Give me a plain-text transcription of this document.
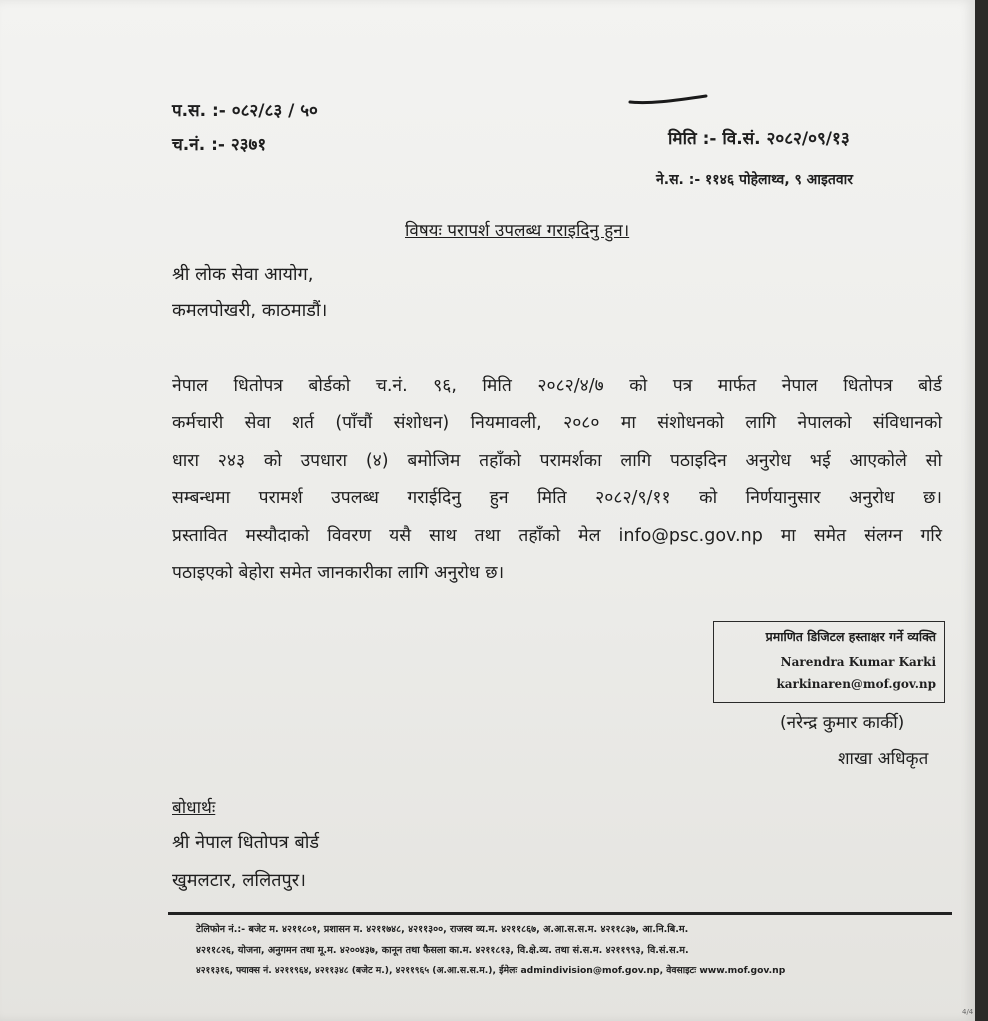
प.स. :- ०८२/८३ / ५०
च.नं. :- २३७१	मिति :- वि.सं. २०८२/०९/१३
ने.स. :- ११४६ पोहेलाथ्व, ९ आइतवार
विषयः परापर्श उपलब्ध गराइदिनु हुन।
श्री लोक सेवा आयोग,
कमलपोखरी, काठमाडौं।
नेपाल धितोपत्र बोर्डको च.नं. ९६, मिति २०८२/४/७ को पत्र मार्फत नेपाल धितोपत्र बोर्ड
कर्मचारी सेवा शर्त (पाँचौं संशोधन) नियमावली, २०८० मा संशोधनको लागि नेपालको संविधानको
धारा २४३ को उपधारा (४) बमोजिम तहाँको परामर्शका लागि पठाइदिन अनुरोध भई आएकोले सो
सम्बन्धमा परामर्श उपलब्ध गराईदिनु हुन मिति २०८२/९/११ को निर्णयानुसार अनुरोध छ।
प्रस्तावित मस्यौदाको विवरण यसै साथ तथा तहाँको मेल info@psc.gov.np मा समेत संलग्न गरि
पठाइएको बेहोरा समेत जानकारीका लागि अनुरोध छ।
प्रमाणित डिजिटल हस्ताक्षर गर्ने व्यक्ति
Narendra Kumar Karki
karkinaren@mof.gov.np
(नरेन्द्र कुमार कार्की)
शाखा अधिकृत
बोधार्थः
श्री नेपाल धितोपत्र बोर्ड
खुमलटार, ललितपुर।
टेलिफोन नं.:- बजेट म. ४२११८०१, प्रशासन म. ४२११७४८, ४२११३००, राजस्व व्य.म. ४२११८६७, अ.आ.स.स.म. ४२११८३७, आ.नि.बि.म.
४२११८२६, योजना, अनुगमन तथा मू.म. ४२००४३७, कानून तथा फैसला का.म. ४२११८१३, वि.क्षे.व्य. तथा सं.स.म. ४२११९९३, वि.सं.स.म.
४२११३१६, फ्याक्स नं. ४२११९६४, ४२११३४८ (बजेट म.), ४२११९६५ (अ.आ.स.स.म.), ईमेलः admindivision@mof.gov.np, वेवसाइटः www.mof.gov.np
4/4
